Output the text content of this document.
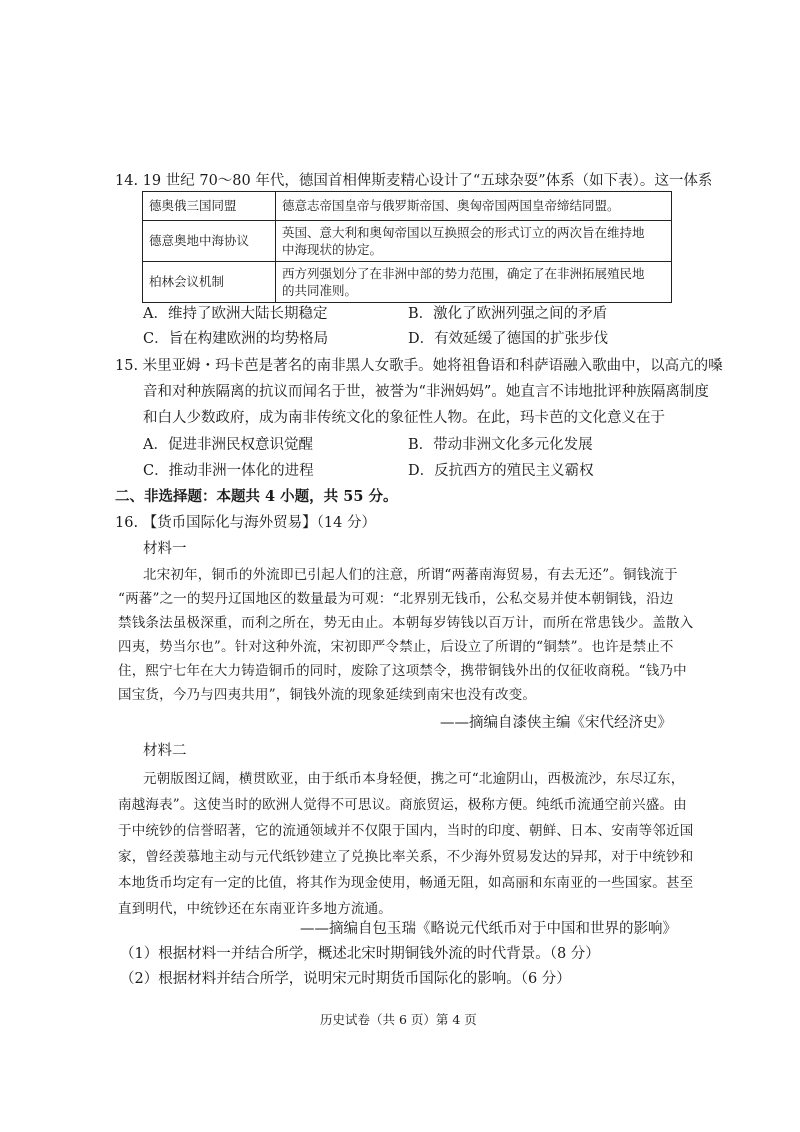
14. 19 世纪 70～80 年代，德国首相俾斯麦精心设计了“五球杂耍”体系（如下表）。这一体系
德奥俄三国同盟	德意志帝国皇帝与俄罗斯帝国、奥匈帝国两国皇帝缔结同盟。
德意奥地中海协议	英国、意大利和奥匈帝国以互换照会的形式订立的两次旨在维持地
中海现状的协定。

柏林会议机制	西方列强划分了在非洲中部的势力范围，确定了在非洲拓展殖民地
的共同准则。
A．维持了欧洲大陆长期稳定	B．激化了欧洲列强之间的矛盾
C．旨在构建欧洲的均势格局	D．有效延缓了德国的扩张步伐
15. 米里亚姆・玛卡芭是著名的南非黑人女歌手。她将祖鲁语和科萨语融入歌曲中，以高亢的嗓
音和对种族隔离的抗议而闻名于世，被誉为“非洲妈妈”。她直言不讳地批评种族隔离制度
和白人少数政府，成为南非传统文化的象征性人物。在此，玛卡芭的文化意义在于
A．促进非洲民权意识觉醒	B．带动非洲文化多元化发展
C．推动非洲一体化的进程	D．反抗西方的殖民主义霸权
二、非选择题：本题共 4 小题，共 55 分。
16. 【货币国际化与海外贸易】（14 分）
材料一
北宋初年，铜币的外流即已引起人们的注意，所谓“两蕃南海贸易，有去无还”。铜钱流于
“两蕃”之一的契丹辽国地区的数量最为可观：“北界别无钱币，公私交易并使本朝铜钱，沿边
禁钱条法虽极深重，而利之所在，势无由止。本朝每岁铸钱以百万计，而所在常患钱少。盖散入
四夷，势当尔也”。针对这种外流，宋初即严令禁止，后设立了所谓的“铜禁”。也许是禁止不
住，熙宁七年在大力铸造铜币的同时，废除了这项禁令，携带铜钱外出的仅征收商税。“钱乃中
国宝货，今乃与四夷共用”，铜钱外流的现象延续到南宋也没有改变。
——摘编自漆侠主编《宋代经济史》
材料二
元朝版图辽阔，横贯欧亚，由于纸币本身轻便，携之可“北逾阴山，西极流沙，东尽辽东，
南越海表”。这使当时的欧洲人觉得不可思议。商旅贸运，极称方便。纯纸币流通空前兴盛。由
于中统钞的信誉昭著，它的流通领域并不仅限于国内，当时的印度、朝鲜、日本、安南等邻近国
家，曾经羡慕地主动与元代纸钞建立了兑换比率关系，不少海外贸易发达的异邦，对于中统钞和
本地货币均定有一定的比值，将其作为现金使用，畅通无阻，如高丽和东南亚的一些国家。甚至
直到明代，中统钞还在东南亚许多地方流通。
——摘编自包玉瑞《略说元代纸币对于中国和世界的影响》
（1）根据材料一并结合所学，概述北宋时期铜钱外流的时代背景。（8 分）
（2）根据材料并结合所学，说明宋元时期货币国际化的影响。（6 分）
历史试卷（共 6 页）第 4 页
